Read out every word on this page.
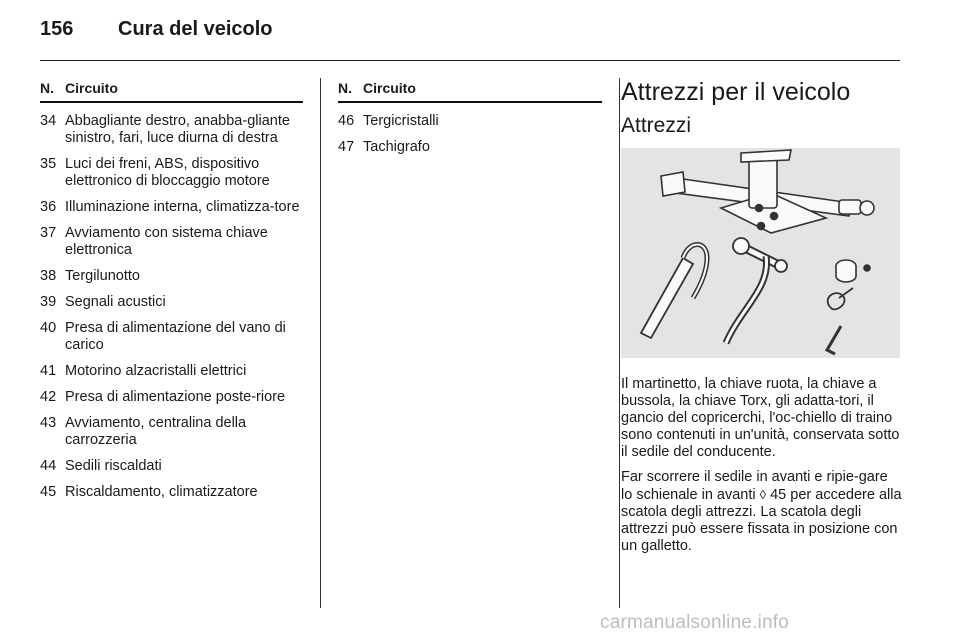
156 Cura del veicolo
N. Circuito
34 Abbagliante destro, anabba-gliante sinistro, fari, luce diurna di destra
35 Luci dei freni, ABS, dispositivo elettronico di bloccaggio motore
36 Illuminazione interna, climatizza-tore
37 Avviamento con sistema chiave elettronica
38 Tergilunotto
39 Segnali acustici
40 Presa di alimentazione del vano di carico
41 Motorino alzacristalli elettrici
42 Presa di alimentazione poste-riore
43 Avviamento, centralina della carrozzeria
44 Sedili riscaldati
45 Riscaldamento, climatizzatore
N. Circuito
46 Tergicristalli
47 Tachigrafo
Attrezzi per il veicolo
Attrezzi

Il martinetto, la chiave ruota, la chiave a bussola, la chiave Torx, gli adatta-tori, il gancio del copricerchi, l'oc-chiello di traino sono contenuti in un'unità, conservata sotto il sedile del conducente.

Far scorrere il sedile in avanti e ripie-gare lo schienale in avanti ◊ 45 per accedere alla scatola degli attrezzi. La scatola degli attrezzi può essere fissata in posizione con un galletto.

carmanualsonline.info
